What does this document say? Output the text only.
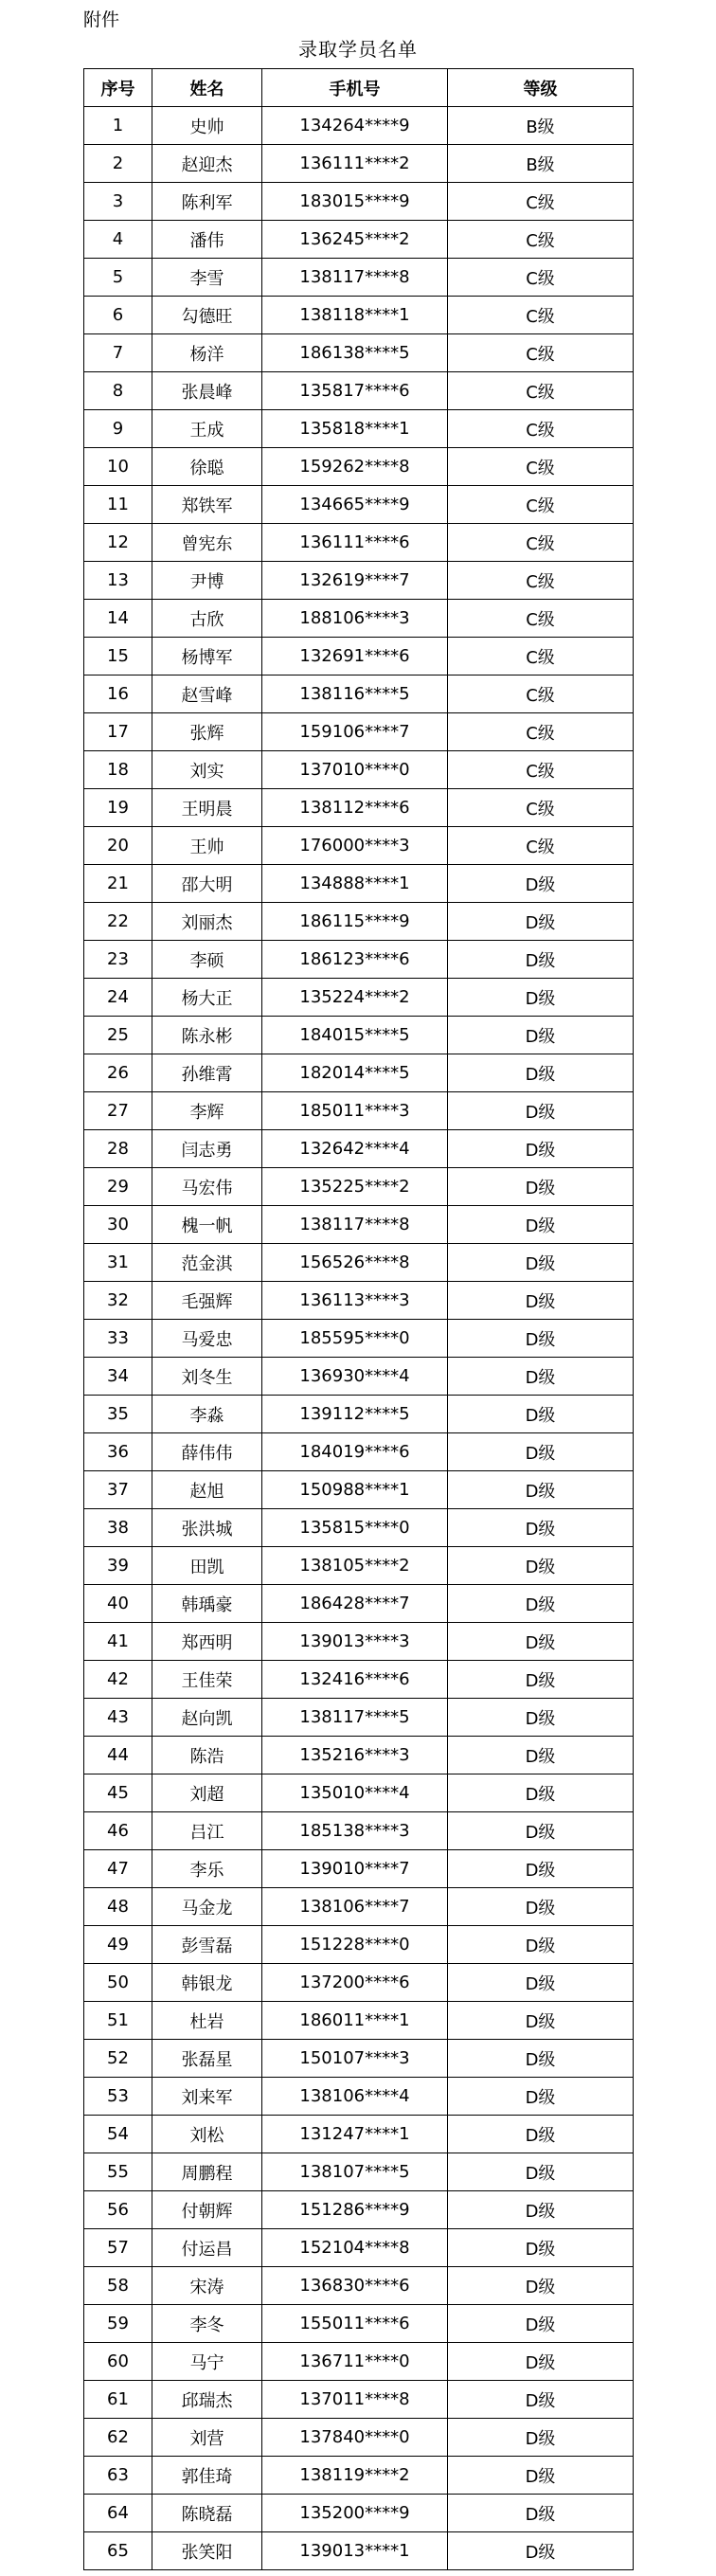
附件
录取学员名单
序号	姓名	手机号	等级
1	史帅	134264****9	B级
2	赵迎杰	136111****2	B级
3	陈利军	183015****9	C级
4	潘伟	136245****2	C级
5	李雪	138117****8	C级
6	勾德旺	138118****1	C级
7	杨洋	186138****5	C级
8	张晨峰	135817****6	C级
9	王成	135818****1	C级
10	徐聪	159262****8	C级
11	郑铁军	134665****9	C级
12	曾宪东	136111****6	C级
13	尹博	132619****7	C级
14	古欣	188106****3	C级
15	杨博军	132691****6	C级
16	赵雪峰	138116****5	C级
17	张辉	159106****7	C级
18	刘实	137010****0	C级
19	王明晨	138112****6	C级
20	王帅	176000****3	C级
21	邵大明	134888****1	D级
22	刘丽杰	186115****9	D级
23	李硕	186123****6	D级
24	杨大正	135224****2	D级
25	陈永彬	184015****5	D级
26	孙维霄	182014****5	D级
27	李辉	185011****3	D级
28	闫志勇	132642****4	D级
29	马宏伟	135225****2	D级
30	槐一帆	138117****8	D级
31	范金淇	156526****8	D级
32	毛强辉	136113****3	D级
33	马爱忠	185595****0	D级
34	刘冬生	136930****4	D级
35	李淼	139112****5	D级
36	薛伟伟	184019****6	D级
37	赵旭	150988****1	D级
38	张洪城	135815****0	D级
39	田凯	138105****2	D级
40	韩瑀豪	186428****7	D级
41	郑西明	139013****3	D级
42	王佳荣	132416****6	D级
43	赵向凯	138117****5	D级
44	陈浩	135216****3	D级
45	刘超	135010****4	D级
46	吕江	185138****3	D级
47	李乐	139010****7	D级
48	马金龙	138106****7	D级
49	彭雪磊	151228****0	D级
50	韩银龙	137200****6	D级
51	杜岩	186011****1	D级
52	张磊星	150107****3	D级
53	刘来军	138106****4	D级
54	刘松	131247****1	D级
55	周鹏程	138107****5	D级
56	付朝辉	151286****9	D级
57	付运昌	152104****8	D级
58	宋涛	136830****6	D级
59	李冬	155011****6	D级
60	马宁	136711****0	D级
61	邱瑞杰	137011****8	D级
62	刘营	137840****0	D级
63	郭佳琦	138119****2	D级
64	陈晓磊	135200****9	D级
65	张笑阳	139013****1	D级
